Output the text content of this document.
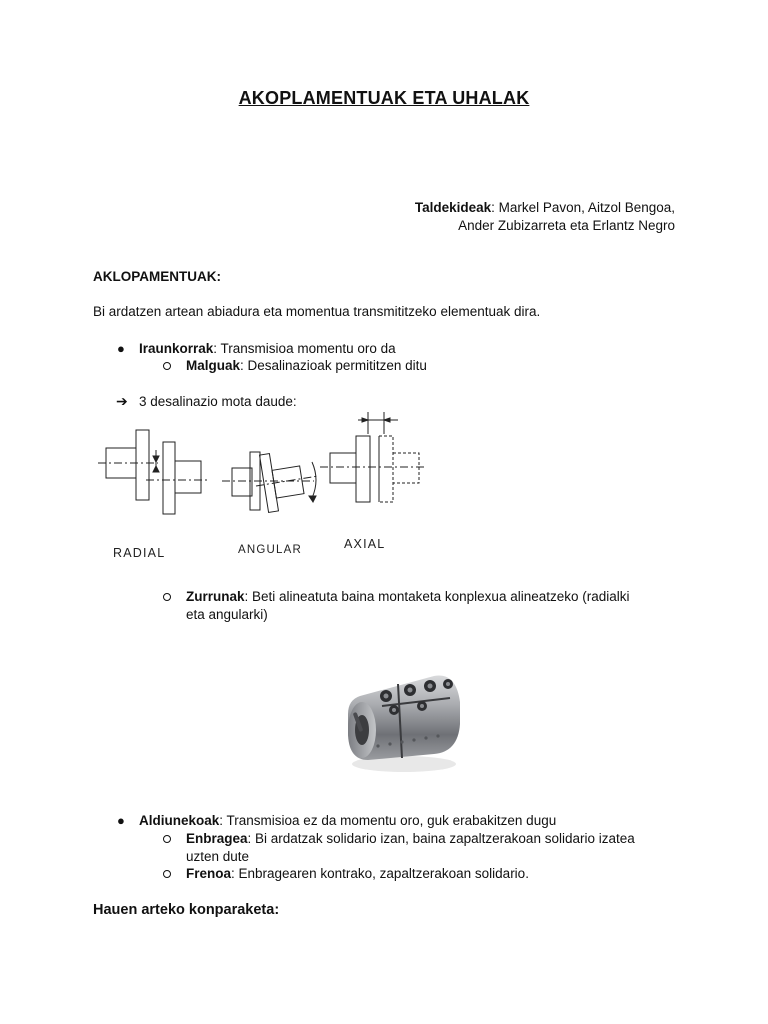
AKOPLAMENTUAK ETA UHALAK
Taldekideak: Markel Pavon, Aitzol Bengoa,
Ander Zubizarreta eta Erlantz Negro
AKLOPAMENTUAK:
Bi ardatzen artean abiadura eta momentua transmititzeko elementuak dira.
● Iraunkorrak: Transmisioa momentu oro da
Malguak: Desalinazioak permititzen ditu
➔ 3 desalinazio mota daude:
RADIAL	ANGULAR	AXIAL
Zurrunak: Beti alineatuta baina montaketa konplexua alineatzeko (radialki
eta angularki)
● Aldiunekoak: Transmisioa ez da momentu oro, guk erabakitzen dugu
Enbragea: Bi ardatzak solidario izan, baina zapaltzerakoan solidario izatea
uzten dute
Frenoa: Enbragearen kontrako, zapaltzerakoan solidario.
Hauen arteko konparaketa:
